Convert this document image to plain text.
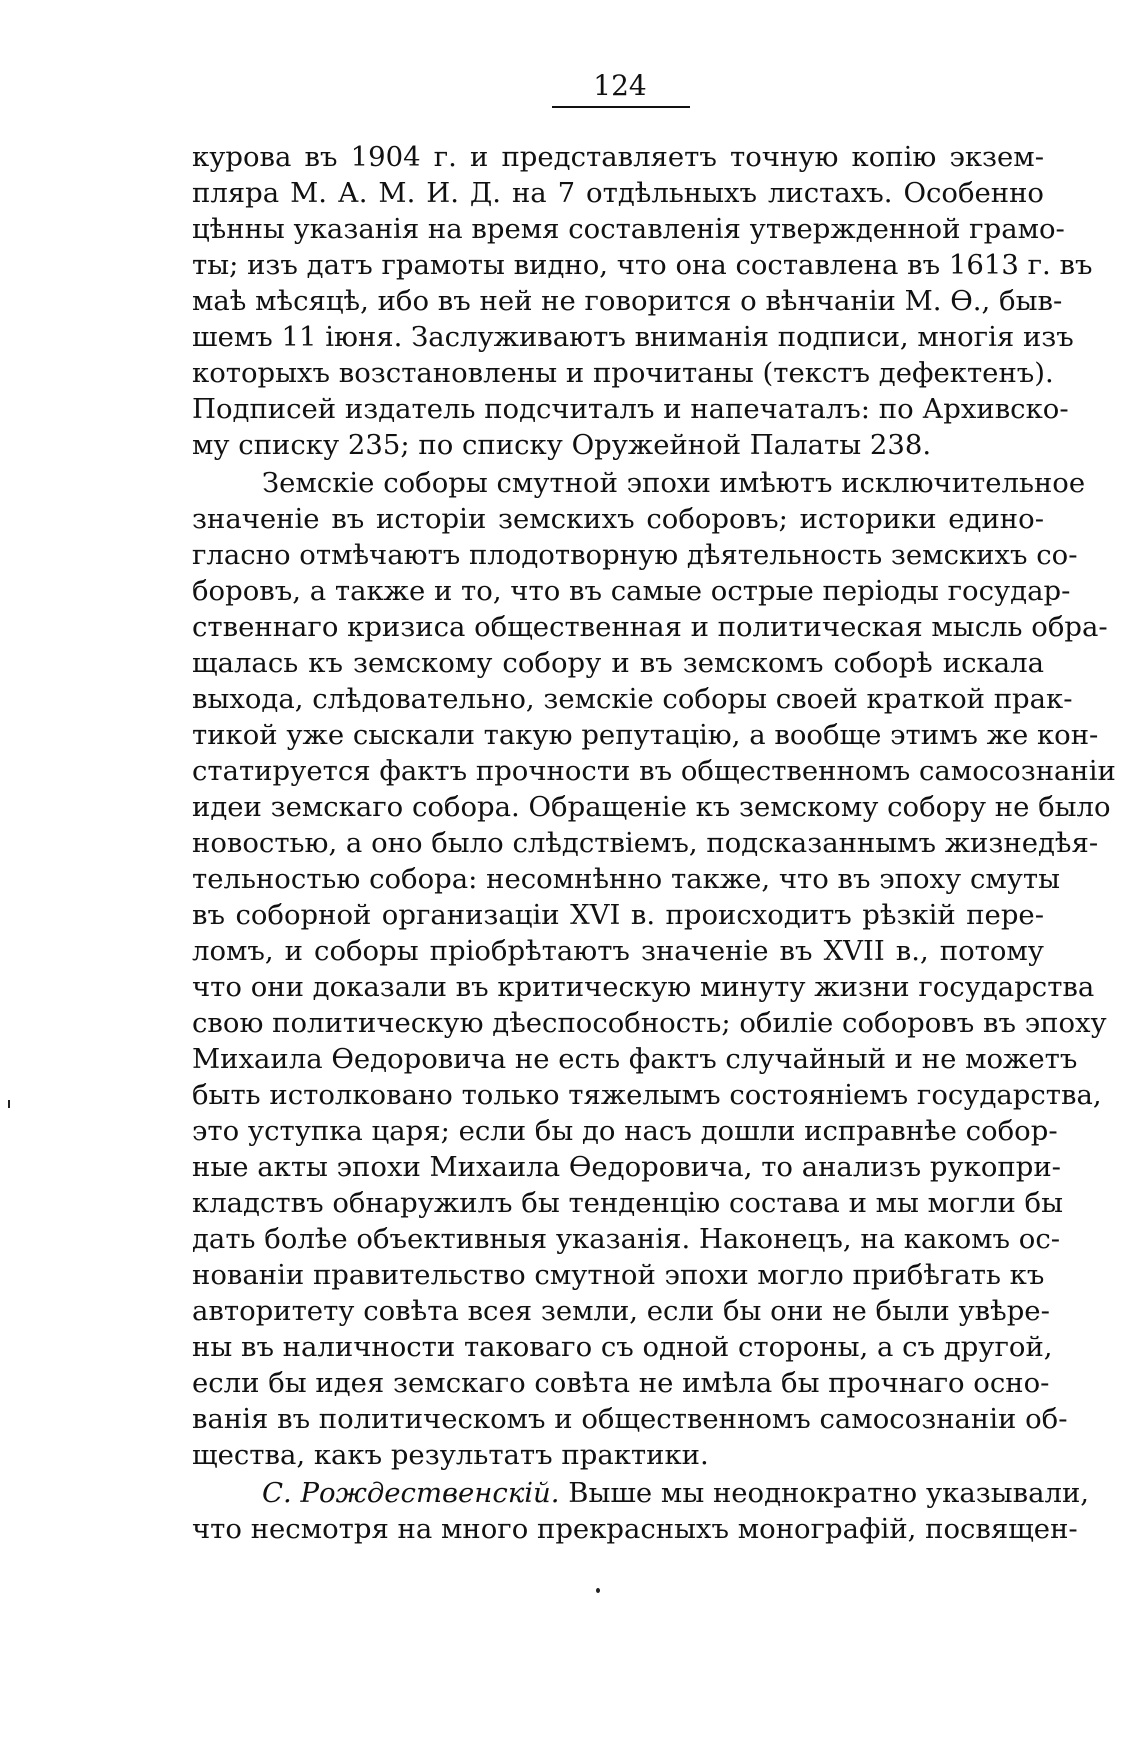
124
курова въ 1904 г. и представляетъ точную копію экзем-
пляра М. А. М. И. Д. на 7 отдѣльныхъ листахъ. Особенно
цѣнны указанія на время составленія утвержденной грамо-
ты; изъ датъ грамоты видно, что она составлена въ 1613 г. въ
маѣ мѣсяцѣ, ибо въ ней не говорится о вѣнчаніи М. Ѳ., быв-
шемъ 11 іюня. Заслуживаютъ вниманія подписи, многія изъ
которыхъ возстановлены и прочитаны (текстъ дефектенъ).
Подписей издатель подсчиталъ и напечаталъ: по Архивско-
му списку 235; по списку Оружейной Палаты 238.
Земскіе соборы смутной эпохи имѣютъ исключительное
значеніе въ исторіи земскихъ соборовъ; историки едино-
гласно отмѣчаютъ плодотворную дѣятельность земскихъ со-
боровъ, а также и то, что въ самые острые періоды государ-
ственнаго кризиса общественная и политическая мысль обра-
щалась къ земскому собору и въ земскомъ соборѣ искала
выхода, слѣдовательно, земскіе соборы своей краткой прак-
тикой уже сыскали такую репутацію, а вообще этимъ же кон-
статируется фактъ прочности въ общественномъ самосознаніи
идеи земскаго собора. Обращеніе къ земскому собору не было
новостью, а оно было слѣдствіемъ, подсказаннымъ жизнедѣя-
тельностью собора: несомнѣнно также, что въ эпоху смуты
въ соборной организаціи XVI в. происходитъ рѣзкій пере-
ломъ, и соборы пріобрѣтаютъ значеніе въ XVII в., потому
что они доказали въ критическую минуту жизни государства
свою политическую дѣеспособность; обиліе соборовъ въ эпоху
Михаила Ѳедоровича не есть фактъ случайный и не можетъ
быть истолковано только тяжелымъ состояніемъ государства,
это уступка царя; если бы до насъ дошли исправнѣе собор-
ные акты эпохи Михаила Ѳедоровича, то анализъ рукопри-
кладствъ обнаружилъ бы тенденцію состава и мы могли бы
дать болѣе объективныя указанія. Наконецъ, на какомъ ос-
нованіи правительство смутной эпохи могло прибѣгать къ
авторитету совѣта всея земли, если бы они не были увѣре-
ны въ наличности таковаго съ одной стороны, а съ другой,
если бы идея земскаго совѣта не имѣла бы прочнаго осно-
ванія въ политическомъ и общественномъ самосознаніи об-
щества, какъ результатъ практики.
С. Рождественскій. Выше мы неоднократно указывали,
что несмотря на много прекрасныхъ монографій, посвящен-
